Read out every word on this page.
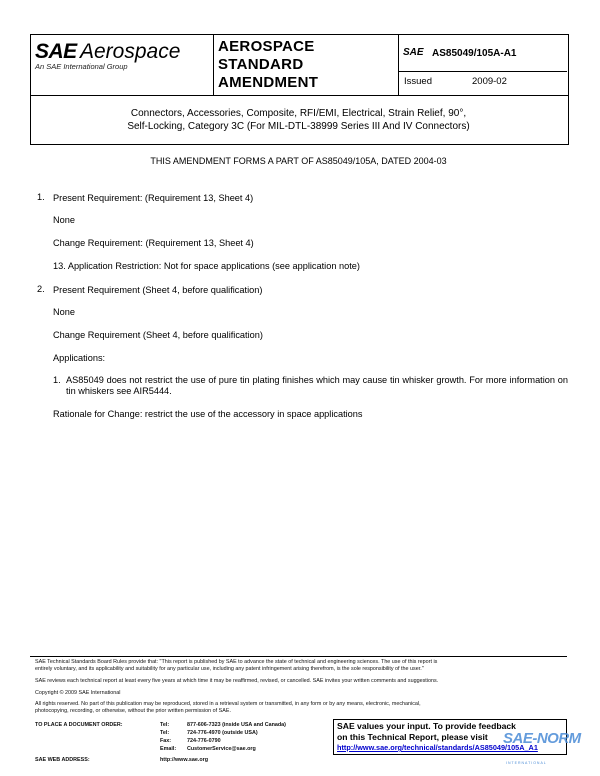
SAE Aerospace
An SAE International Group
AEROSPACE
STANDARD
AMENDMENT
SAE AS85049/105A-A1
Issued	2009-02
Connectors, Accessories, Composite, RFI/EMI, Electrical, Strain Relief, 90°,
Self-Locking, Category 3C (For MIL-DTL-38999 Series III And IV Connectors)
THIS AMENDMENT FORMS A PART OF AS85049/105A, DATED 2004-03
1. Present Requirement: (Requirement 13, Sheet 4)
None
Change Requirement: (Requirement 13, Sheet 4)
13. Application Restriction: Not for space applications (see application note)
2. Present Requirement (Sheet 4, before qualification)
None
Change Requirement (Sheet 4, before qualification)
Applications:
1. AS85049 does not restrict the use of pure tin plating finishes which may cause tin whisker growth. For more information on tin whiskers see AIR5444.
Rationale for Change: restrict the use of the accessory in space applications
SAE Technical Standards Board Rules provide that: "This report is published by SAE to advance the state of technical and engineering sciences. The use of this report is
entirely voluntary, and its applicability and suitability for any particular use, including any patent infringement arising therefrom, is the sole responsibility of the user."
SAE reviews each technical report at least every five years at which time it may be reaffirmed, revised, or cancelled. SAE invites your written comments and suggestions.
Copyright © 2009 SAE International
All rights reserved. No part of this publication may be reproduced, stored in a retrieval system or transmitted, in any form or by any means, electronic, mechanical,
photocopying, recording, or otherwise, without the prior written permission of SAE.
TO PLACE A DOCUMENT ORDER:	Tel:	877-606-7323 (inside USA and Canada)
Tel:	724-776-4970 (outside USA)
Fax:	724-776-0790
Email: CustomerService@sae.org
SAE WEB ADDRESS:	http://www.sae.org
SAE values your input. To provide feedback
on this Technical Report, please visit
http://www.sae.org/technical/standards/AS85049/105A_A1
SAE-NORM
INTERNATIONAL
